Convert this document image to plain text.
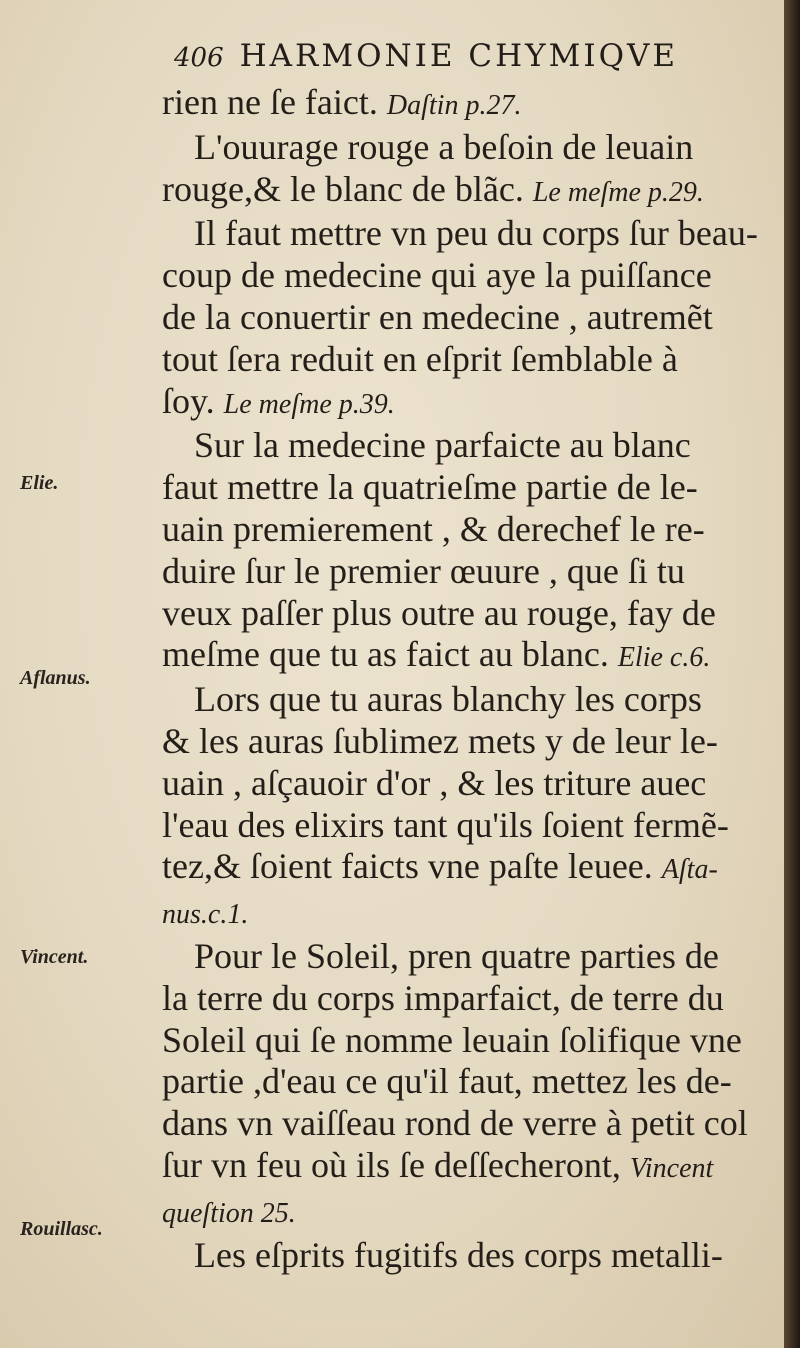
406 HARMONIE CHYMIQVE
rien ne ſe faict. Daſtin p.27.
L'ouurage rouge a beſoin de leuain
rouge,& le blanc de blãc. Le meſme p.29.
Il faut mettre vn peu du corps ſur beau-
coup de medecine qui aye la puiſſance
de la conuertir en medecine , autremẽt
tout ſera reduit en eſprit ſemblable à
ſoy. Le meſme p.39.
Sur la medecine parfaicte au blanc
faut mettre la quatrieſme partie de le-
uain premierement , & derechef le re-
duire ſur le premier œuure , que ſi tu
veux paſſer plus outre au rouge, fay de
meſme que tu as faict au blanc. Elie c.6.
Lors que tu auras blanchy les corps
& les auras ſublimez mets y de leur le-
uain , aſçauoir d'or , & les triture auec
l'eau des elixirs tant qu'ils ſoient fermẽ-
tez,& ſoient faicts vne paſte leuee. Aſta-
nus.c.1.
Pour le Soleil, pren quatre parties de
la terre du corps imparfaict, de terre du
Soleil qui ſe nomme leuain ſolifique vne
partie ,d'eau ce qu'il faut, mettez les de-
dans vn vaiſſeau rond de verre à petit col
ſur vn feu où ils ſe deſſecheront, Vincent
queſtion 25.
Les eſprits fugitifs des corps metalli-
Elie.
Aflanus.
Vincent.
Rouillasc.
